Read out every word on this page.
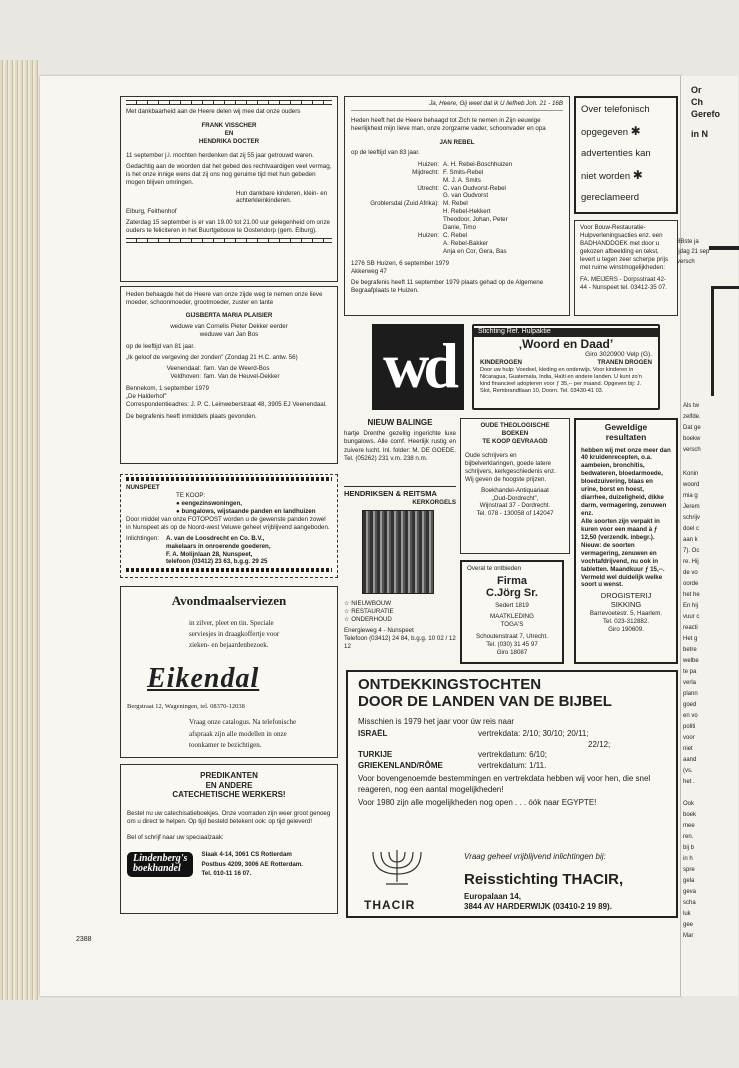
Met dankbaarheid aan de Heere delen wij mee dat onze ouders
FRANK VISSCHER
EN
HENDRIKA DOCTER
11 september j.l. mochten herdenken dat zij 55 jaar getrouwd waren.
Gedachtig aan de woorden dat het gebed des rechtvaardigen veel vermag, is het onze innige wens dat zij ons nog geruime tijd met hun gebeden mogen blijven omringen.
Hun dankbare kinderen, klein- en achterkleinkinderen.
Elburg, Feithenhof
Zaterdag 15 september is er van 19.00 tot 21.00 uur gelegenheid om onze ouders te feliciteren in het Buurtgebouw te Oostendorp (gem. Elburg).
Heden behaagde het de Heere van onze zijde weg te nemen onze lieve moeder, schoonmoeder, grootmoeder, zuster en tante
GIJSBERTA MARIA PLAISIER
weduwe van Cornelis Pieter Dekker eerder weduwe van Jan Bos
op de leeftijd van 81 jaar.
„Ik geloof de vergeving der zonden” (Zondag 21 H.C. antw. 56)
Veenendaal: fam. Van de Weerd-Bos
Veldhoven: fam. Van de Heuvel-Dekker
Bennekom, 1 september 1979
„De Halderhof”
Correspondentieadres: J. P. C. Leinweberstraat 48, 3905 EJ Veenendaal.
De begrafenis heeft inmiddels plaats gevonden.
NUNSPEET
TE KOOP:
● eengezinswoningen,
● bungalows, wijstaande panden en landhuizen
Door middel van onze FOTOPOST worden u de gewenste panden zowel in Nunspeet als op de Noord-west Veluwe geheel vrijblijvend aangeboden.
Inlichtingen:	A. van de Loosdrecht en Co. B.V.,
makelaars in onroerende goederen,
F. A. Molijnlaan 28, Nunspeet,
telefoon (03412) 23 63, b.g.g. 29 25
Avondmaalserviezen
in zilver, pleet en tin. Speciale
serviesjes in draagkoffertje voor
zieken- en bejaardenbezoek.
Eikendal
Bergstraat 12, Wageningen, tel. 08370-12038
Vraag onze catalogus. Na telefonische
afspraak zijn alle modellen in onze
toonkamer te bezichtigen.
PREDIKANTEN
EN ANDERE
CATECHETISCHE WERKERS!
Bestel nu uw catechisatieboekjes. Onze voorraden zijn weer groot genoeg om u direct te helpen. Op tijd besteld betekent ook: op tijd geleverd!
Bel of schrijf naar uw speciaalzaak:
Lindenberg's
boekhandel
Slaak 4-14, 3061 CS Rotterdam
Postbus 4209, 3006 AE Rotterdam.
Tel. 010-11 16 07.
Ja, Heere, Gij weet dat ik U liefheb Joh. 21 - 16B
Heden heeft het de Heere behaagd tot Zich te nemen in Zijn eeuwige heerlijkheid mijn lieve man, onze zorgzame vader, schoonvader en opa
JAN REBEL
op de leeftijd van 83 jaar.
Huizen: A. H. Rebel-Boschhuizen
Mijdrecht: F. Smits-Rebel
M. J. A. Smits
Utrecht: C. van Oudvorst-Rebel
G. van Oudvorst
Groblersdal (Zuid Afrika): M. Rebel
H. Rebel-Hekkert
Theodoor, Johan, Peter
Danie, Timo
Huizen: C. Rebel
A. Rebel-Bakker
Anja en Cor, Gera, Bas
1276 SB Huizen, 6 september 1979
Akkerweg 47
De begrafenis heeft 11 september 1979 plaats gehad op de Algemene Begraafplaats te Huizen.
Over telefonisch
opgegeven ✱
advertenties kan
niet worden ✱
gereclameerd
Voor Bouw-Restauratie-Hulpverleningsacties enz. een BADHANDDOEK met door u gekozen afbeelding en tekst, levert u tegen zeer scherpe prijs met ruime winstmogelijkheden:
FA. MEIJERS - Dorpsstraat 42-44 - Nunspeet tel. 03412-35 07.
wd	Stichting Ref. Hulpaktie
‚Woord en Daad’
Giro 3020900 Velp (G).
KINDEROGEN	TRANEN DROGEN
Door uw hulp: Voedsel, kleding en onderwijs. Voor kinderen in Nicaragua, Guatemala, India, Haïti en andere landen. U kunt zo'n kind financieel adopteren voor ƒ 35,-- per maand. Opgeven bij: J. Slot, Rembrandtlaan 10, Doorn. Tel. 03430-41 03.
NIEUW BALINGE
hartje Drenthe gezellig ingerichte luxe bungalows. Alle comf. Heerlijk rustig en zuivere lucht. Inl. folder: M. DE GOEDE. Tel. (05262) 231 v.m. 238 n.m.
HENDRIKSEN & REITSMA
KERKORGELS
☆ NIEUWBOUW
☆ RESTAURATIE
☆ ONDERHOUD
Energieweg 4 - Nunspeet
Telefoon (03412) 24 84, b.g.g. 10 02 / 12 12
OUDE THEOLOGISCHE
BOEKEN
TE KOOP GEVRAAGD
Oude schrijvers en bijbelverklaringen, goede latere schrijvers, kerkgeschiedenis enz. Wij geven de hoogste prijzen.
Boekhandel-Antiquariaat
„Oud-Dordrecht”,
Wijnstraat 37 - Dordrecht.
Tel. 078 - 130058 of 142047
Overal te ontbieden
Firma
C.Jörg Sr.
Sedert 1819
MAATKLEDING
TOGA'S
Schoutenstraat 7, Utrecht.
Tel. (030) 31 45 97
Giro 18087
Geweldige
resultaten
hebben wij met onze meer dan 40 kruidenrecepten, o.a. aambeien, bronchitis, bedwateren, bloedarmoede, bloedzuivering, blaas en urine, borst en hoest, diarrhee, duizeligheid, dikke darm, vermagering, zenuwen enz.
Alle soorten zijn verpakt in kuren voor een maand à ƒ 12,50 (verzendk. inbegr.).
Nieuw: de soorten vermagering, zenuwen en vochtafdrijvend, nu ook in tabletten. Maandkuur ƒ 15,--.
Vermeld wel duidelijk welke soort u wenst.
DROGISTERIJ
SIKKING
Barrevoetestr. 5, Haarlem.
Tel. 023-312882.
Giro 190609.
ONTDEKKINGSTOCHTEN
DOOR DE LANDEN VAN DE BIJBEL
Misschien is 1979 het jaar voor úw reis naar
ISRAËL	vertrekdata: 2/10; 30/10; 20/11;
22/12;
TURKIJE	vertrekdatum: 6/10;
GRIEKENLAND/RÔME	vertrekdatum: 1/11.
Voor bovengenoemde bestemmingen en vertrekdata hebben wij voor hen, die snel reageren, nog een aantal mogelijkheden!
Voor 1980 zijn alle mogelijkheden nog open . . . óók naar EGYPTE!
Vraag geheel vrijblijvend inlichtingen bij:
Reisstichting THACIR,
THACIR
Europalaan 14,
3844 AV HARDERWIJK (03410-2 19 89).
2388
Or
Ch
Gerefo
in N
8Bste ja
ijdag 21 sep
versch
Als tw
zelfde.
Dat ge
boekw
versch
Konin
woord
mia g
Jerem
schrijv
doel c
aan k
7). Oc
re. Hij
de vo
oorde
het he
En hij
vuur c
reacti
Het g
betre
welbe
te pa
verla
plann
goed
en vo
politi
voor
niet
aand
(vs.
het .
Ook
boek
mee
ren.
bij b
in h
spre
gela
geva
scha
luk
gee
Mar
